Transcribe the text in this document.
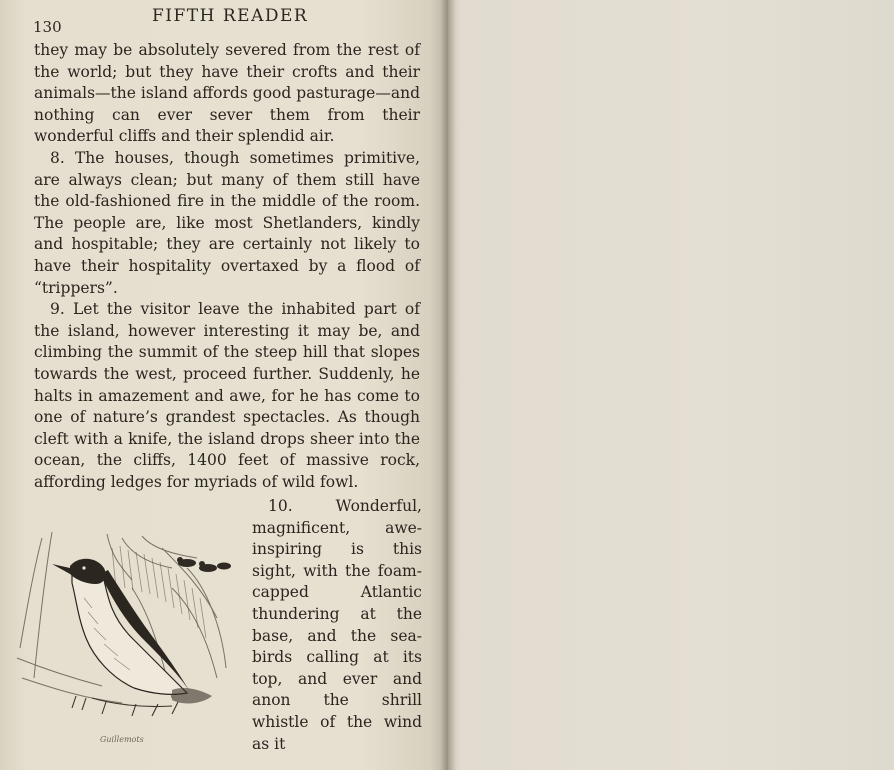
130
FIFTH READER

they may be absolutely severed from the rest of the world; but they have their crofts and their animals—the island affords good pasturage—and nothing can ever sever them from their wonderful cliffs and their splendid air.

8. The houses, though sometimes primitive, are always clean; but many of them still have the old-fashioned fire in the middle of the room. The people are, like most Shetlanders, kindly and hospitable; they are certainly not likely to have their hospitality overtaxed by a flood of “trippers”.

9. Let the visitor leave the inhabited part of the island, however interesting it may be, and climbing the summit of the steep hill that slopes towards the west, proceed further. Suddenly, he halts in amazement and awe, for he has come to one of nature’s grandest spectacles. As though cleft with a knife, the island drops sheer into the ocean, the cliffs, 1400 feet of massive rock, affording ledges for myriads of wild fowl.

10. Wonderful, magnificent, awe-inspiring is this sight, with the foam-capped Atlantic thundering at the base, and the sea-birds calling at its top, and ever and anon the shrill whistle of the wind as it

Guillemots
